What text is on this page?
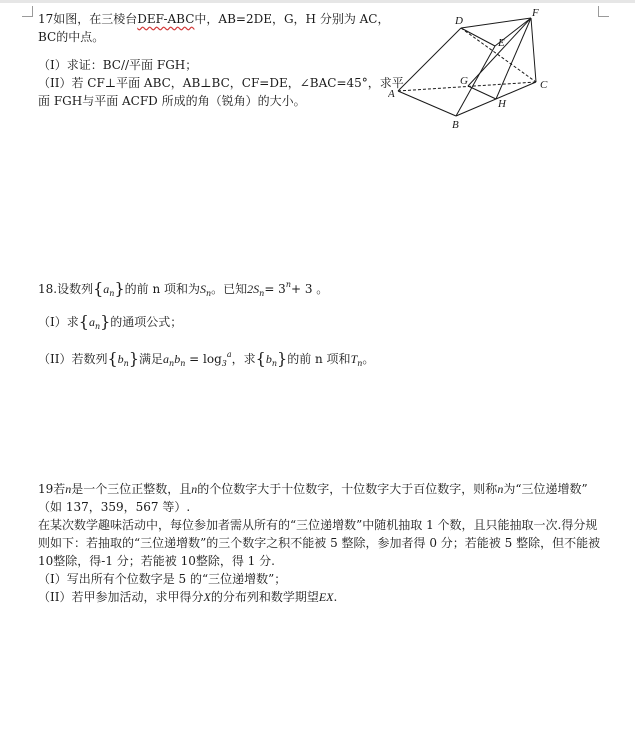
17如图，在三棱台DEF-ABC中，AB=2DE，G，H 分别为 AC，
BC的中点。
（I）求证：BC//平面 FGH；
（II）若 CF⊥平面 ABC，AB⊥BC，CF=DE，∠BAC=45°，求平
面 FGH与平面 ACFD 所成的角（锐角）的大小。
D
F
E
G
A
C
H
B
18.设数列$\{a_n\}$的前 n 项和为$S_n$。已知$2S_n= 3^n+ 3$ 。
（I）求$\{a_n\}$的通项公式；
（II）若数列$\{b_n\}$满足$a_nb_n = \log_3^a$，求$\{b_n\}$的前 n 项和$T_n$。
19若n是一个三位正整数，且n的个位数字大于十位数字，十位数字大于百位数字，则称n为“三位递增数”
（如 137，359，567 等）.
在某次数学趣味活动中，每位参加者需从所有的“三位递增数”中随机抽取 1 个数，且只能抽取一次.得分规
则如下：若抽取的“三位递增数”的三个数字之积不能被 5 整除，参加者得 0 分；若能被 5 整除，但不能被
10整除，得-1 分；若能被 10整除，得 1 分.
（I）写出所有个位数字是 5 的“三位递增数”；
（II）若甲参加活动，求甲得分X的分布列和数学期望EX.
